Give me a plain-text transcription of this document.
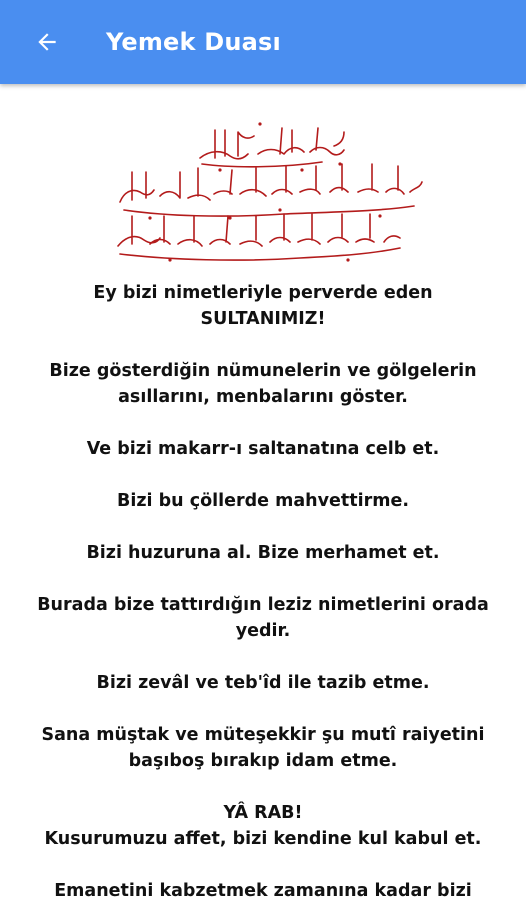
Yemek Duası

Ey bizi nimetleriyle perverde eden
SULTANIMIZ!

Bize gösterdiğin nümunelerin ve gölgelerin asıllarını, menbalarını göster.

Ve bizi makarr-ı saltanatına celb et.

Bizi bu çöllerde mahvettirme.

Bizi huzuruna al. Bize merhamet et.

Burada bize tattırdığın leziz nimetlerini orada yedir.

Bizi zevâl ve teb'îd ile tazib etme.

Sana müştak ve müteşekkir şu mutî raiyetini başıboş bırakıp idam etme.

YÂ RAB!
Kusurumuzu affet, bizi kendine kul kabul et.

Emanetini kabzetmek zamanına kadar bizi
